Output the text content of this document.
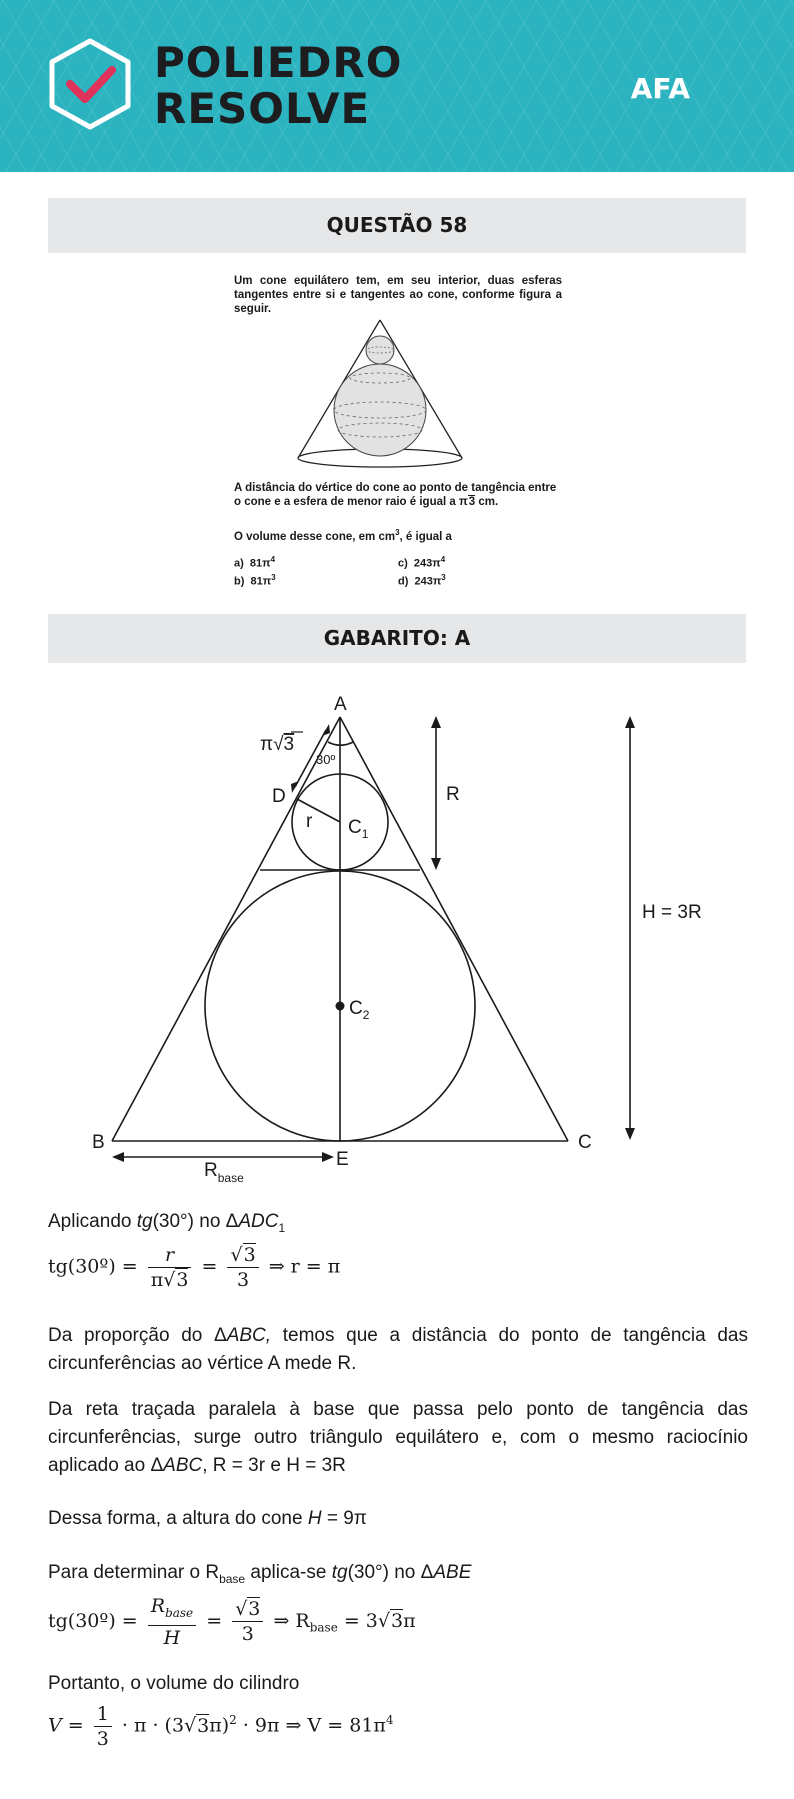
POLIEDRO
RESOLVE	AFA
QUESTÃO 58
Um cone equilátero tem, em seu interior, duas esferas tangentes entre si e tangentes ao cone, conforme figura a seguir.
A distância do vértice do cone ao ponto de tangência entre o cone e a esfera de menor raio é igual a π3 cm.
O volume desse cone, em $cm^3$, é igual a
a) $81\pi^4$
b) $81\pi^3$
c) $243\pi^4$
d) $243\pi^3$
GABARITO: A
A
B	C
D
E
r $C_1$
$C_2$
R
H = 3R
$R_{base}$
30º
π√3
Aplicando tg(30°) no $\Delta ADC_1$
tg(30º) = $\frac{r}{\pi√3} = \frac{√3}{3}$ ⇒ r = π
Da proporção do ΔABC, temos que a distância do ponto de tangência das circunferências ao vértice A mede R.
Da reta traçada paralela à base que passa pelo ponto de tangência das circunferências, surge outro triângulo equilátero e, com o mesmo raciocínio aplicado ao ΔABC, R = 3r e H = 3R
Dessa forma, a altura do cone H = 9π
Para determinar o $R_{base}$ aplica-se tg(30°) no ΔABE
tg(30º) = $\frac{R_{base}}{H} = \frac{√3}{3}$ ⇒ $R_{base} = 3√3\pi$
Portanto, o volume do cilindro
$V = \frac{1}{3} \cdot \pi \cdot (3√3\pi)^2 \cdot 9\pi$ ⇒ $V = 81\pi^4$
